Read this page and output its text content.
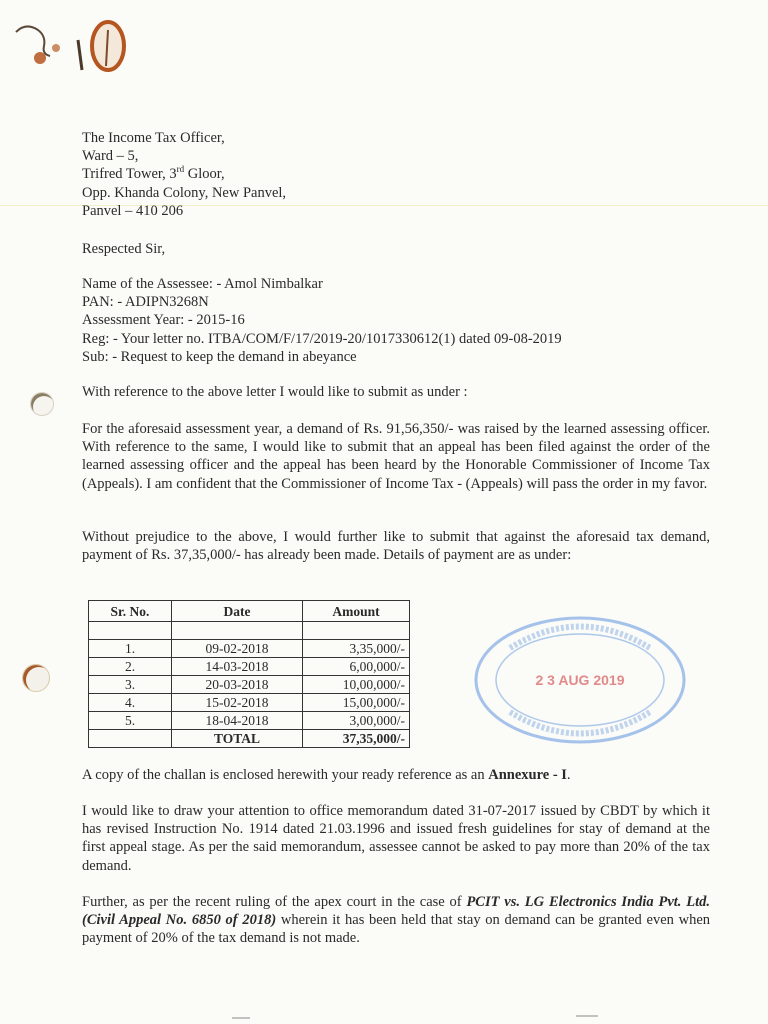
The Income Tax Officer,
Ward – 5,
Trifred Tower, 3rd Gloor,
Opp. Khanda Colony, New Panvel,
Panvel – 410 206
Respected Sir,
Name of the Assessee: - Amol Nimbalkar
PAN: - ADIPN3268N
Assessment Year: - 2015-16
Reg: - Your letter no. ITBA/COM/F/17/2019-20/1017330612(1) dated 09-08-2019
Sub: - Request to keep the demand in abeyance
With reference to the above letter I would like to submit as under :
For the aforesaid assessment year, a demand of Rs. 91,56,350/- was raised by the learned assessing officer. With reference to the same, I would like to submit that an appeal has been filed against the order of the learned assessing officer and the appeal has been heard by the Honorable Commissioner of Income Tax (Appeals). I am confident that the Commissioner of Income Tax - (Appeals) will pass the order in my favor.
Without prejudice to the above, I would further like to submit that against the aforesaid tax demand, payment of Rs. 37,35,000/- has already been made. Details of payment are as under:
Sr. No.	Date	Amount

1.	09-02-2018	3,35,000/-
2.	14-03-2018	6,00,000/-
3.	20-03-2018	10,00,000/-
4.	15-02-2018	15,00,000/-
5.	18-04-2018	3,00,000/-
	TOTAL	37,35,000/-
2 3 AUG 2019
A copy of the challan is enclosed herewith your ready reference as an Annexure - I.
I would like to draw your attention to office memorandum dated 31-07-2017 issued by CBDT by which it has revised Instruction No. 1914 dated 21.03.1996 and issued fresh guidelines for stay of demand at the first appeal stage. As per the said memorandum, assessee cannot be asked to pay more than 20% of the tax demand.
Further, as per the recent ruling of the apex court in the case of PCIT vs. LG Electronics India Pvt. Ltd. (Civil Appeal No. 6850 of 2018) wherein it has been held that stay on demand can be granted even when payment of 20% of the tax demand is not made.
